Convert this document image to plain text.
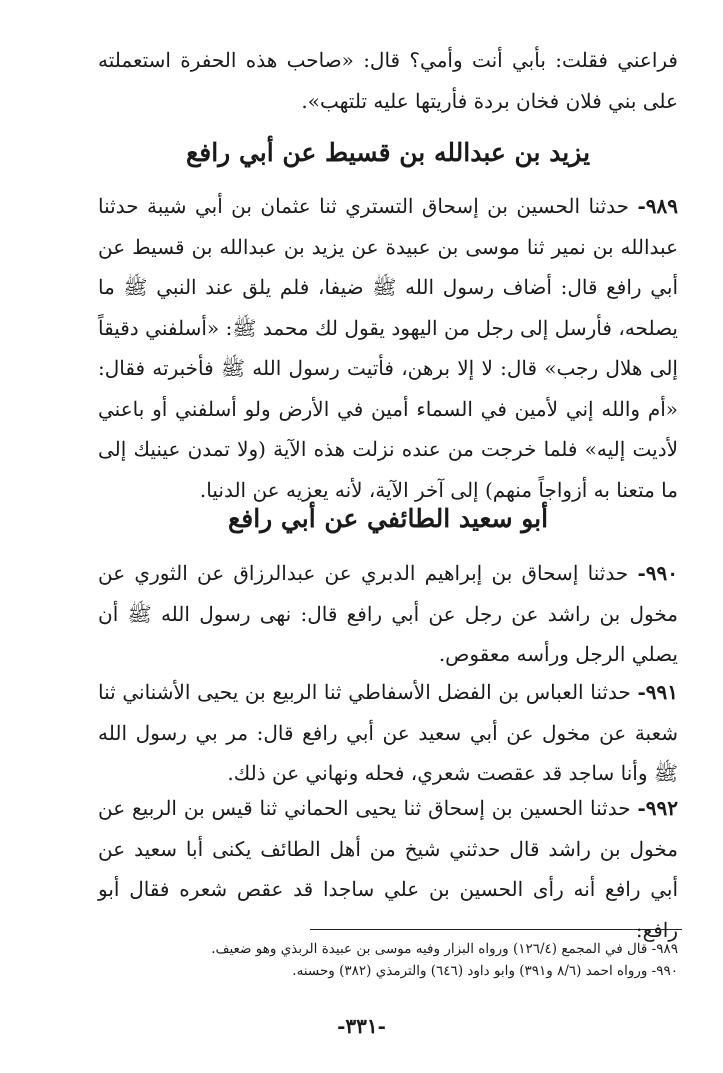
فراعني فقلت: بأبي أنت وأمي؟ قال: «صاحب هذه الحفرة استعملته على بني فلان فخان بردة فأريتها عليه تلتهب».

يزيد بن عبدالله بن قسيط عن أبي رافع

٩٨٩- حدثنا الحسين بن إسحاق التستري ثنا عثمان بن أبي شيبة حدثنا عبدالله بن نمير ثنا موسى بن عبيدة عن يزيد بن عبدالله بن قسيط عن أبي رافع قال: أضاف رسول الله ﷺ ضيفا، فلم يلق عند النبي ﷺ ما يصلحه، فأرسل إلى رجل من اليهود يقول لك محمد ﷺ: «أسلفني دقيقاً إلى هلال رجب» قال: لا إلا برهن، فأتيت رسول الله ﷺ فأخبرته فقال: «أم والله إني لأمين في السماء أمين في الأرض ولو أسلفني أو باعني لأديت إليه» فلما خرجت من عنده نزلت هذه الآية (ولا تمدن عينيك إلى ما متعنا به أزواجاً منهم) إلى آخر الآية، لأنه يعزيه عن الدنيا.

أبو سعيد الطائفي عن أبي رافع

٩٩٠- حدثنا إسحاق بن إبراهيم الدبري عن عبدالرزاق عن الثوري عن مخول بن راشد عن رجل عن أبي رافع قال: نهى رسول الله ﷺ أن يصلي الرجل ورأسه معقوص.

٩٩١- حدثنا العباس بن الفضل الأسفاطي ثنا الربيع بن يحيى الأشناني ثنا شعبة عن مخول عن أبي سعيد عن أبي رافع قال: مر بي رسول الله ﷺ وأنا ساجد قد عقصت شعري، فحله ونهاني عن ذلك.

٩٩٢- حدثنا الحسين بن إسحاق ثنا يحيى الحماني ثنا قيس بن الربيع عن مخول بن راشد قال حدثني شيخ من أهل الطائف يكنى أبا سعيد عن أبي رافع أنه رأى الحسين بن علي ساجدا قد عقص شعره فقال أبو رافع:

٩٨٩- قال في المجمع (١٢٦/٤) ورواه البزار وفيه موسى بن عبيدة الربذي وهو ضعيف.
٩٩٠- ورواه احمد (٨/٦ و٣٩١) وابو داود (٦٤٦) والترمذي (٣٨٢) وحسنه.
-٣٣١-
